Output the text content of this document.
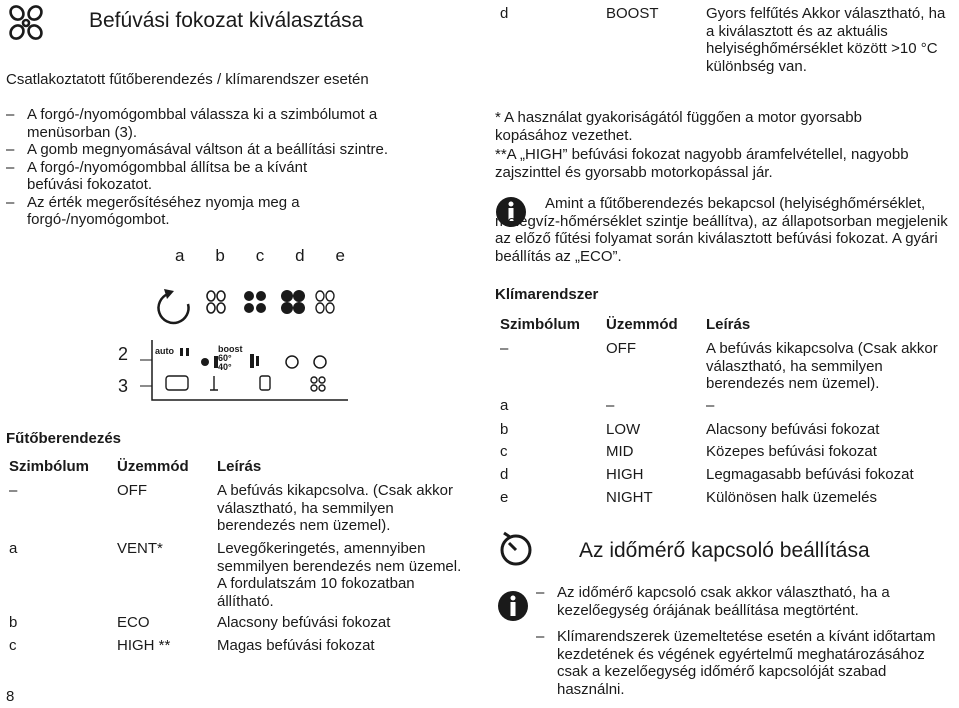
Befúvási fokozat kiválasztása
Csatlakoztatott fűtőberendezés / klímarendszer esetén
– A forgó-/nyomógombbal válassza ki a szimbólumot a menüsorban (3).
– A gomb megnyomásával váltson át a beállítási szintre.
– A forgó-/nyomógombbal állítsa be a kívánt befúvási fokozatot.
– Az érték megerősítéséhez nyomja meg a forgó-/nyomógombot.
a b c d e
2
3
auto	boost
60°
40°
Fűtőberendezés
Szimbólum Üzemmód Leírás
–	OFF	A befúvás kikapcsolva. (Csak akkor választható, ha semmilyen berendezés nem üzemel).
a	VENT*	Levegőkeringetés, amennyiben semmilyen berendezés nem üzemel. A fordulatszám 10 fokozatban állítható.
b	ECO	Alacsony befúvási fokozat
c	HIGH **	Magas befúvási fokozat
8
d	BOOST	Gyors felfűtés Akkor választható, ha a kiválasztott és az aktuális helyiséghőmérséklet között >10 °C különbség van.
* A használat gyakoriságától függően a motor gyorsabb kopásához vezethet.
**A „HIGH” befúvási fokozat nagyobb áramfelvétellel, nagyobb zajszinttel és gyorsabb motorkopással jár.
Amint a fűtőberendezés bekapcsol (helyiséghőmérséklet, melegvíz-hőmérséklet szintje beállítva), az állapotsorban megjelenik az előző fűtési folyamat során kiválasztott befúvási fokozat. A gyári beállítás az „ECO”.
Klímarendszer
Szimbólum Üzemmód Leírás
–	OFF	A befúvás kikapcsolva (Csak akkor választható, ha semmilyen berendezés nem üzemel).
a	–	–
b	LOW	Alacsony befúvási fokozat
c	MID	Közepes befúvási fokozat
d	HIGH	Legmagasabb befúvási fokozat
e	NIGHT	Különösen halk üzemelés
Az időmérő kapcsoló beállítása
– Az időmérő kapcsoló csak akkor választható, ha a kezelőegység órájának beállítása megtörtént.
– Klímarendszerek üzemeltetése esetén a kívánt időtartam kezdetének és végének egyértelmű meghatározásához csak a kezelőegység időmérő kapcsolóját szabad használni.
